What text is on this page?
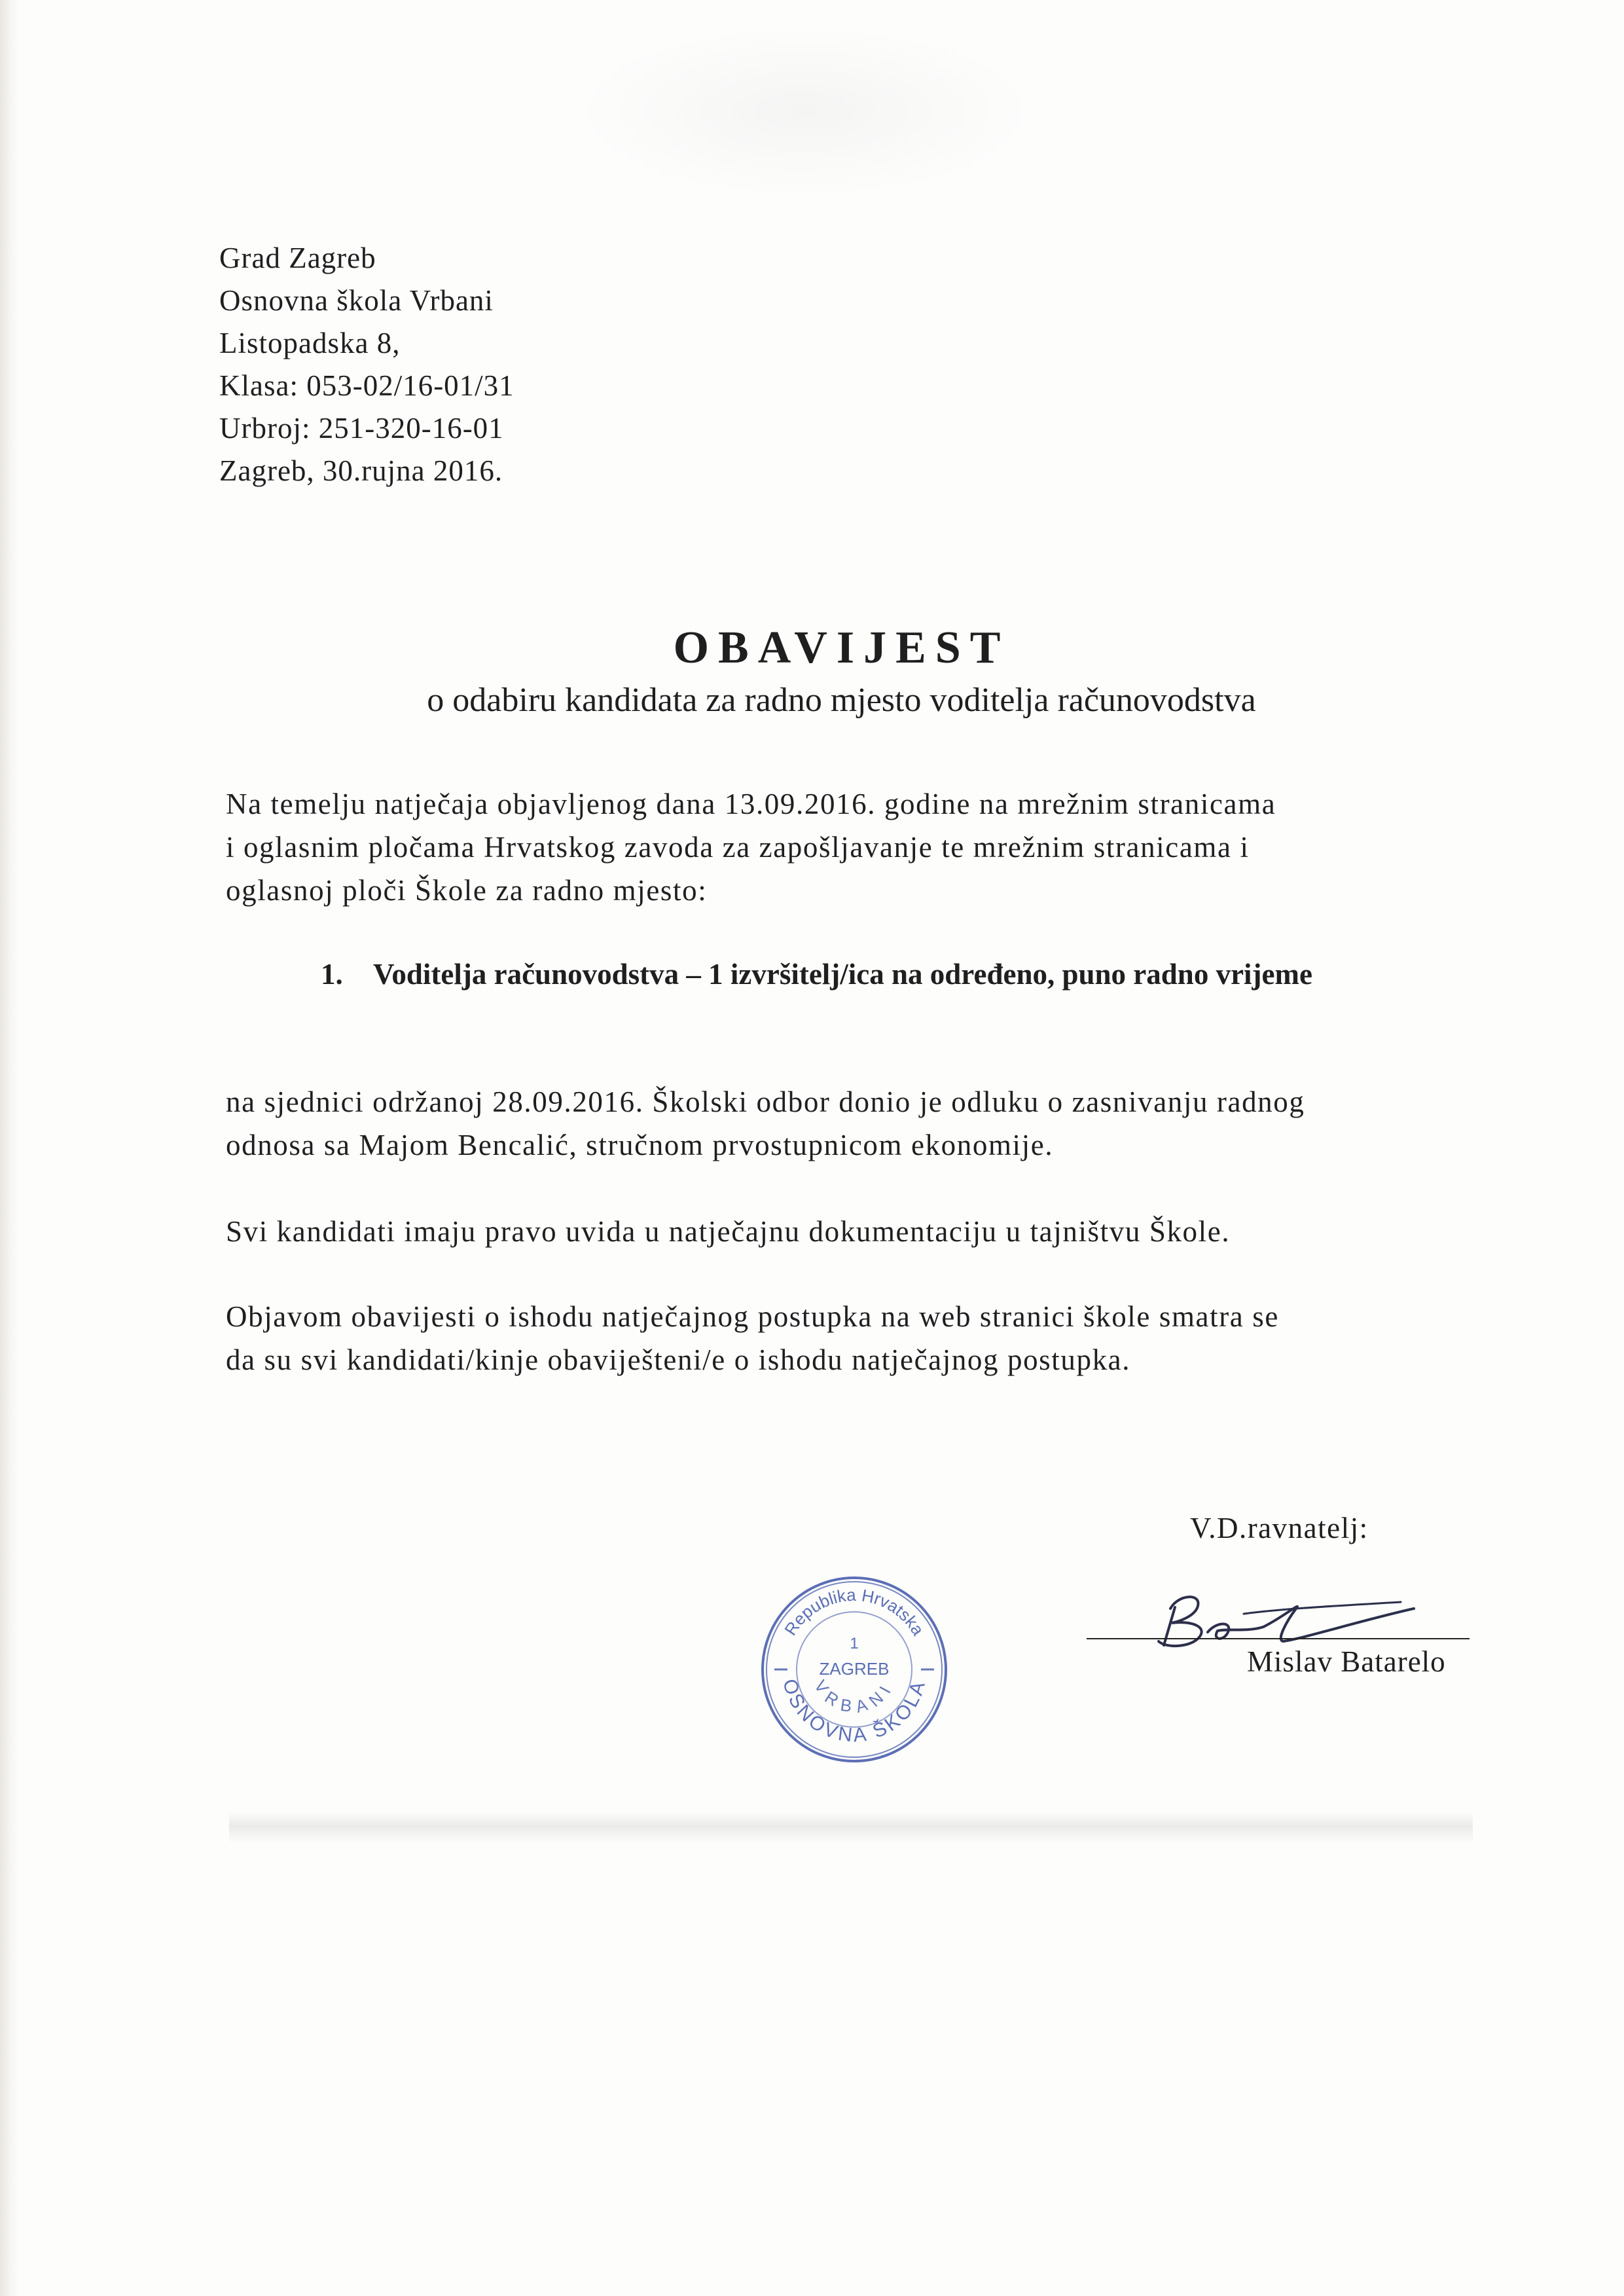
Grad Zagreb
Osnovna škola Vrbani
Listopadska 8,
Klasa: 053-02/16-01/31
Urbroj: 251-320-16-01
Zagreb, 30.rujna 2016.
OBAVIJEST
o odabiru kandidata za radno mjesto voditelja računovodstva
Na temelju natječaja objavljenog dana 13.09.2016. godine na mrežnim stranicama
i oglasnim pločama Hrvatskog zavoda za zapošljavanje te mrežnim stranicama i
oglasnoj ploči Škole za radno mjesto:
1. Voditelja računovodstva – 1 izvršitelj/ica na određeno, puno radno vrijeme
na sjednici održanoj 28.09.2016. Školski odbor donio je odluku o zasnivanju radnog
odnosa sa Majom Bencalić, stručnom prvostupnicom ekonomije.
Svi kandidati imaju pravo uvida u natječajnu dokumentaciju u tajništvu Škole.
Objavom obavijesti o ishodu natječajnog postupka na web stranici škole smatra se
da su svi kandidati/kinje obaviješteni/e o ishodu natječajnog postupka.
V.D.ravnatelj:
Mislav Batarelo
Republika Hrvatska
OSNOVNA ŠKOLA
VRBANI
1
ZAGREB
